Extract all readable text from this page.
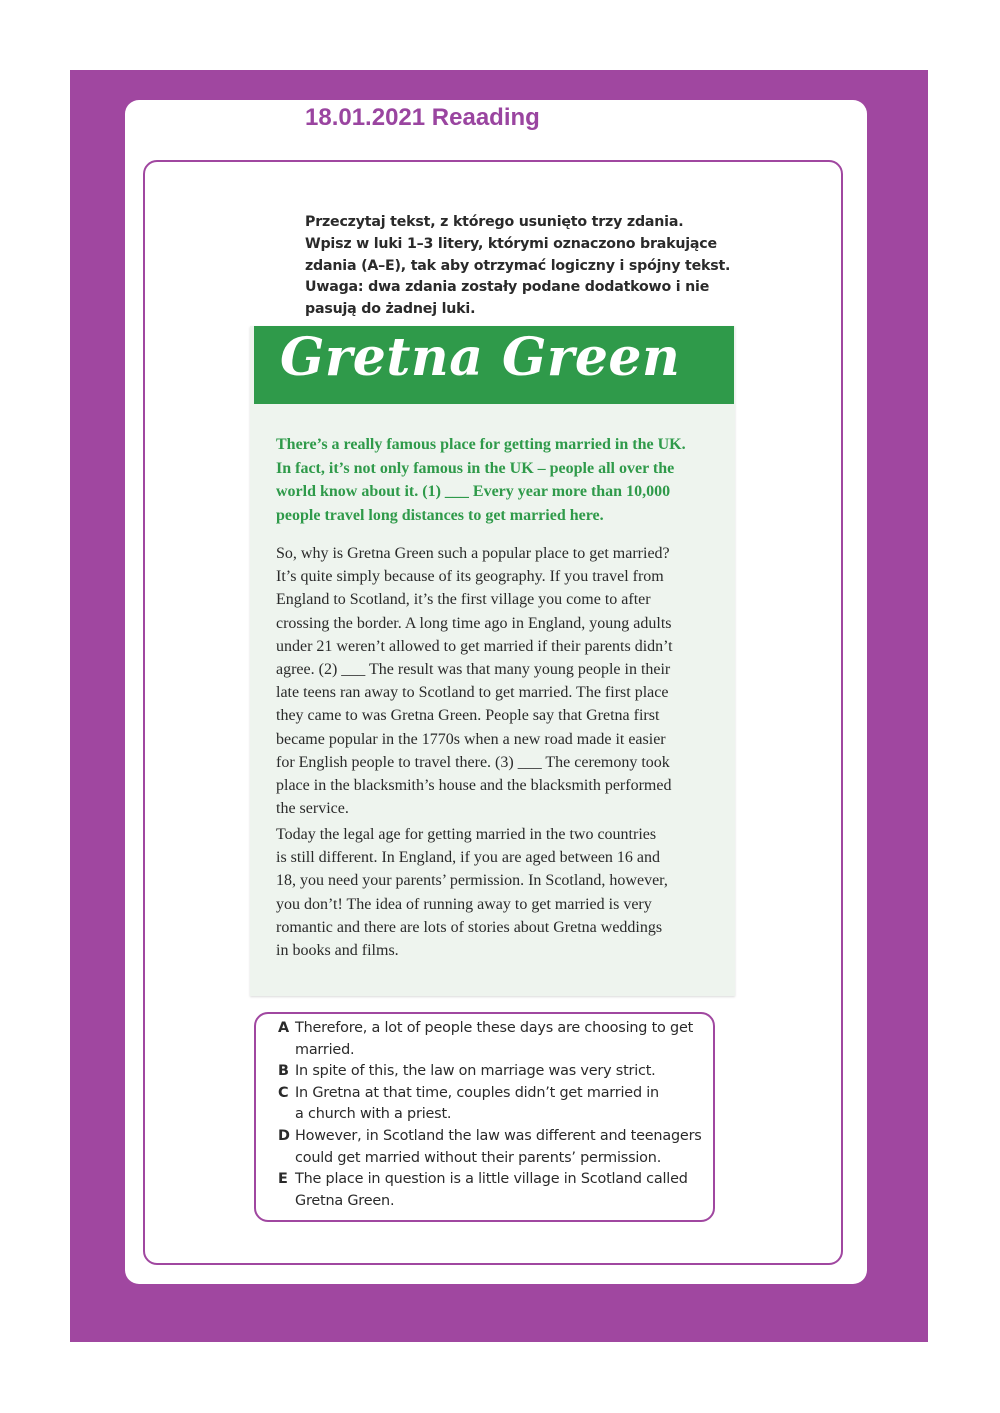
18.01.2021 Reaading
Przeczytaj tekst, z którego usunięto trzy zdania.
Wpisz w luki 1–3 litery, którymi oznaczono brakujące
zdania (A–E), tak aby otrzymać logiczny i spójny tekst.
Uwaga: dwa zdania zostały podane dodatkowo i nie
pasują do żadnej luki.
Gretna Green
There’s a really famous place for getting married in the UK.
In fact, it’s not only famous in the UK – people all over the
world know about it. (1) ___ Every year more than 10,000
people travel long distances to get married here.
So, why is Gretna Green such a popular place to get married?
It’s quite simply because of its geography. If you travel from
England to Scotland, it’s the first village you come to after
crossing the border. A long time ago in England, young adults
under 21 weren’t allowed to get married if their parents didn’t
agree. (2) ___ The result was that many young people in their
late teens ran away to Scotland to get married. The first place
they came to was Gretna Green. People say that Gretna first
became popular in the 1770s when a new road made it easier
for English people to travel there. (3) ___ The ceremony took
place in the blacksmith’s house and the blacksmith performed
the service.
Today the legal age for getting married in the two countries
is still different. In England, if you are aged between 16 and
18, you need your parents’ permission. In Scotland, however,
you don’t! The idea of running away to get married is very
romantic and there are lots of stories about Gretna weddings
in books and films.
A Therefore, a lot of people these days are choosing to get
married.
B In spite of this, the law on marriage was very strict.
C In Gretna at that time, couples didn’t get married in
a church with a priest.
D However, in Scotland the law was different and teenagers
could get married without their parents’ permission.
E The place in question is a little village in Scotland called
Gretna Green.
